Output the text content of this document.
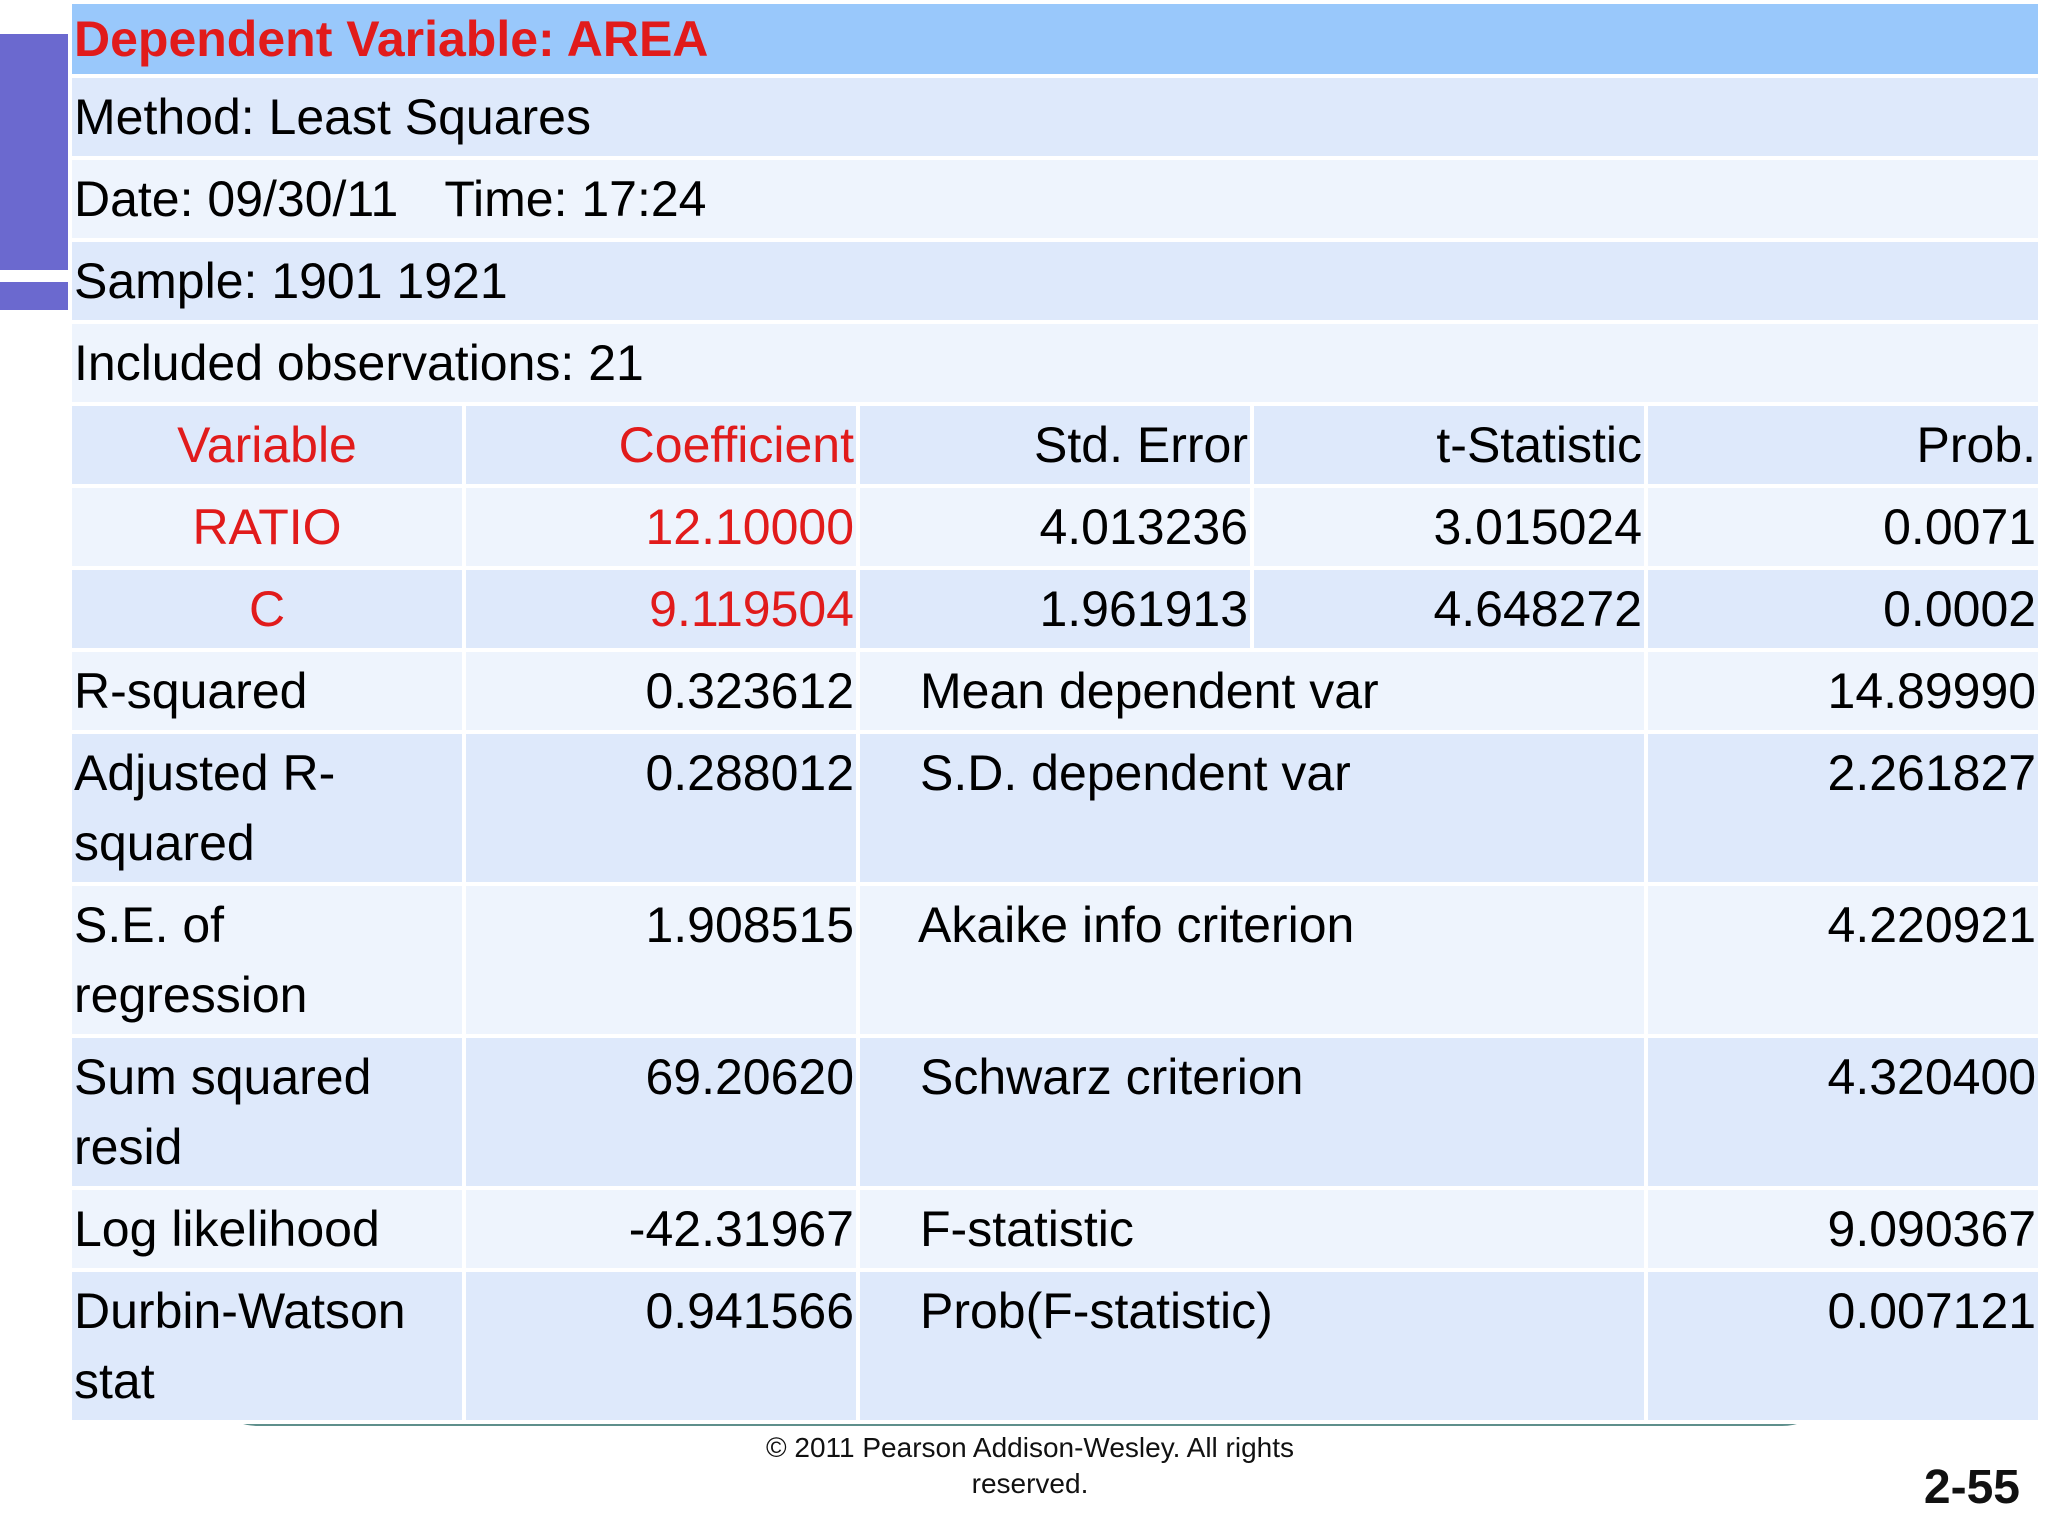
Dependent Variable: AREA				
Method: Least Squares				
Date: 09/30/11 Time: 17:24				
Sample: 1901 1921				
Included observations: 21				
Variable	Coefficient	Std. Error	t-Statistic	Prob.
RATIO	12.10000	4.013236	3.015024	0.0071
C	9.119504	1.961913	4.648272	0.0002
R-squared	0.323612	Mean dependent var		14.89990
Adjusted R-squared	0.288012	S.D. dependent var		2.261827
S.E. of regression	1.908515	Akaike info criterion		4.220921
Sum squared resid	69.20620	Schwarz criterion		4.320400
Log likelihood	-42.31967	F-statistic		9.090367
Durbin-Watson stat	0.941566	Prob(F-statistic)		0.007121
© 2011 Pearson Addison-Wesley. All rights
reserved.	2-55
